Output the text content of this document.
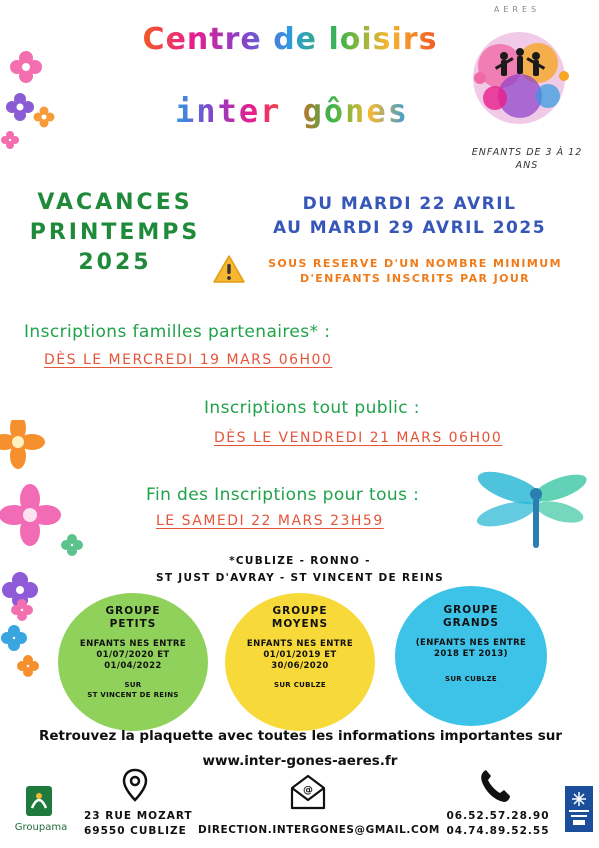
Centre de loisirs
inter gônes
AERES
ENFANTS DE 3 À 12 ANS
VACANCES
PRINTEMPS
2025
DU MARDI 22 AVRIL
AU MARDI 29 AVRIL 2025
SOUS RESERVE D'UN NOMBRE MINIMUM
D'ENFANTS INSCRITS PAR JOUR
Inscriptions familles partenaires* :
DÈS LE MERCREDI 19 MARS 06H00
Inscriptions tout public :
DÈS LE VENDREDI 21 MARS 06H00
Fin des Inscriptions pour tous :
LE SAMEDI 22 MARS 23H59
*CUBLIZE - RONNO -
ST JUST D'AVRAY - ST VINCENT DE REINS
GROUPE
PETITS
ENFANTS NES ENTRE
01/07/2020 ET
01/04/2022
SUR
ST VINCENT DE REINS
GROUPE
MOYENS
ENFANTS NES ENTRE
01/01/2019 ET
30/06/2020
SUR CUBLZE
GROUPE
GRANDS
(ENFANTS NES ENTRE
2018 ET 2013)
SUR CUBLZE
Retrouvez la plaquette avec toutes les informations importantes sur
www.inter-gones-aeres.fr
Groupama
23 RUE MOZART
69550 CUBLIZE
@
DIRECTION.INTERGONES@GMAIL.COM
06.52.57.28.90
04.74.89.52.55
